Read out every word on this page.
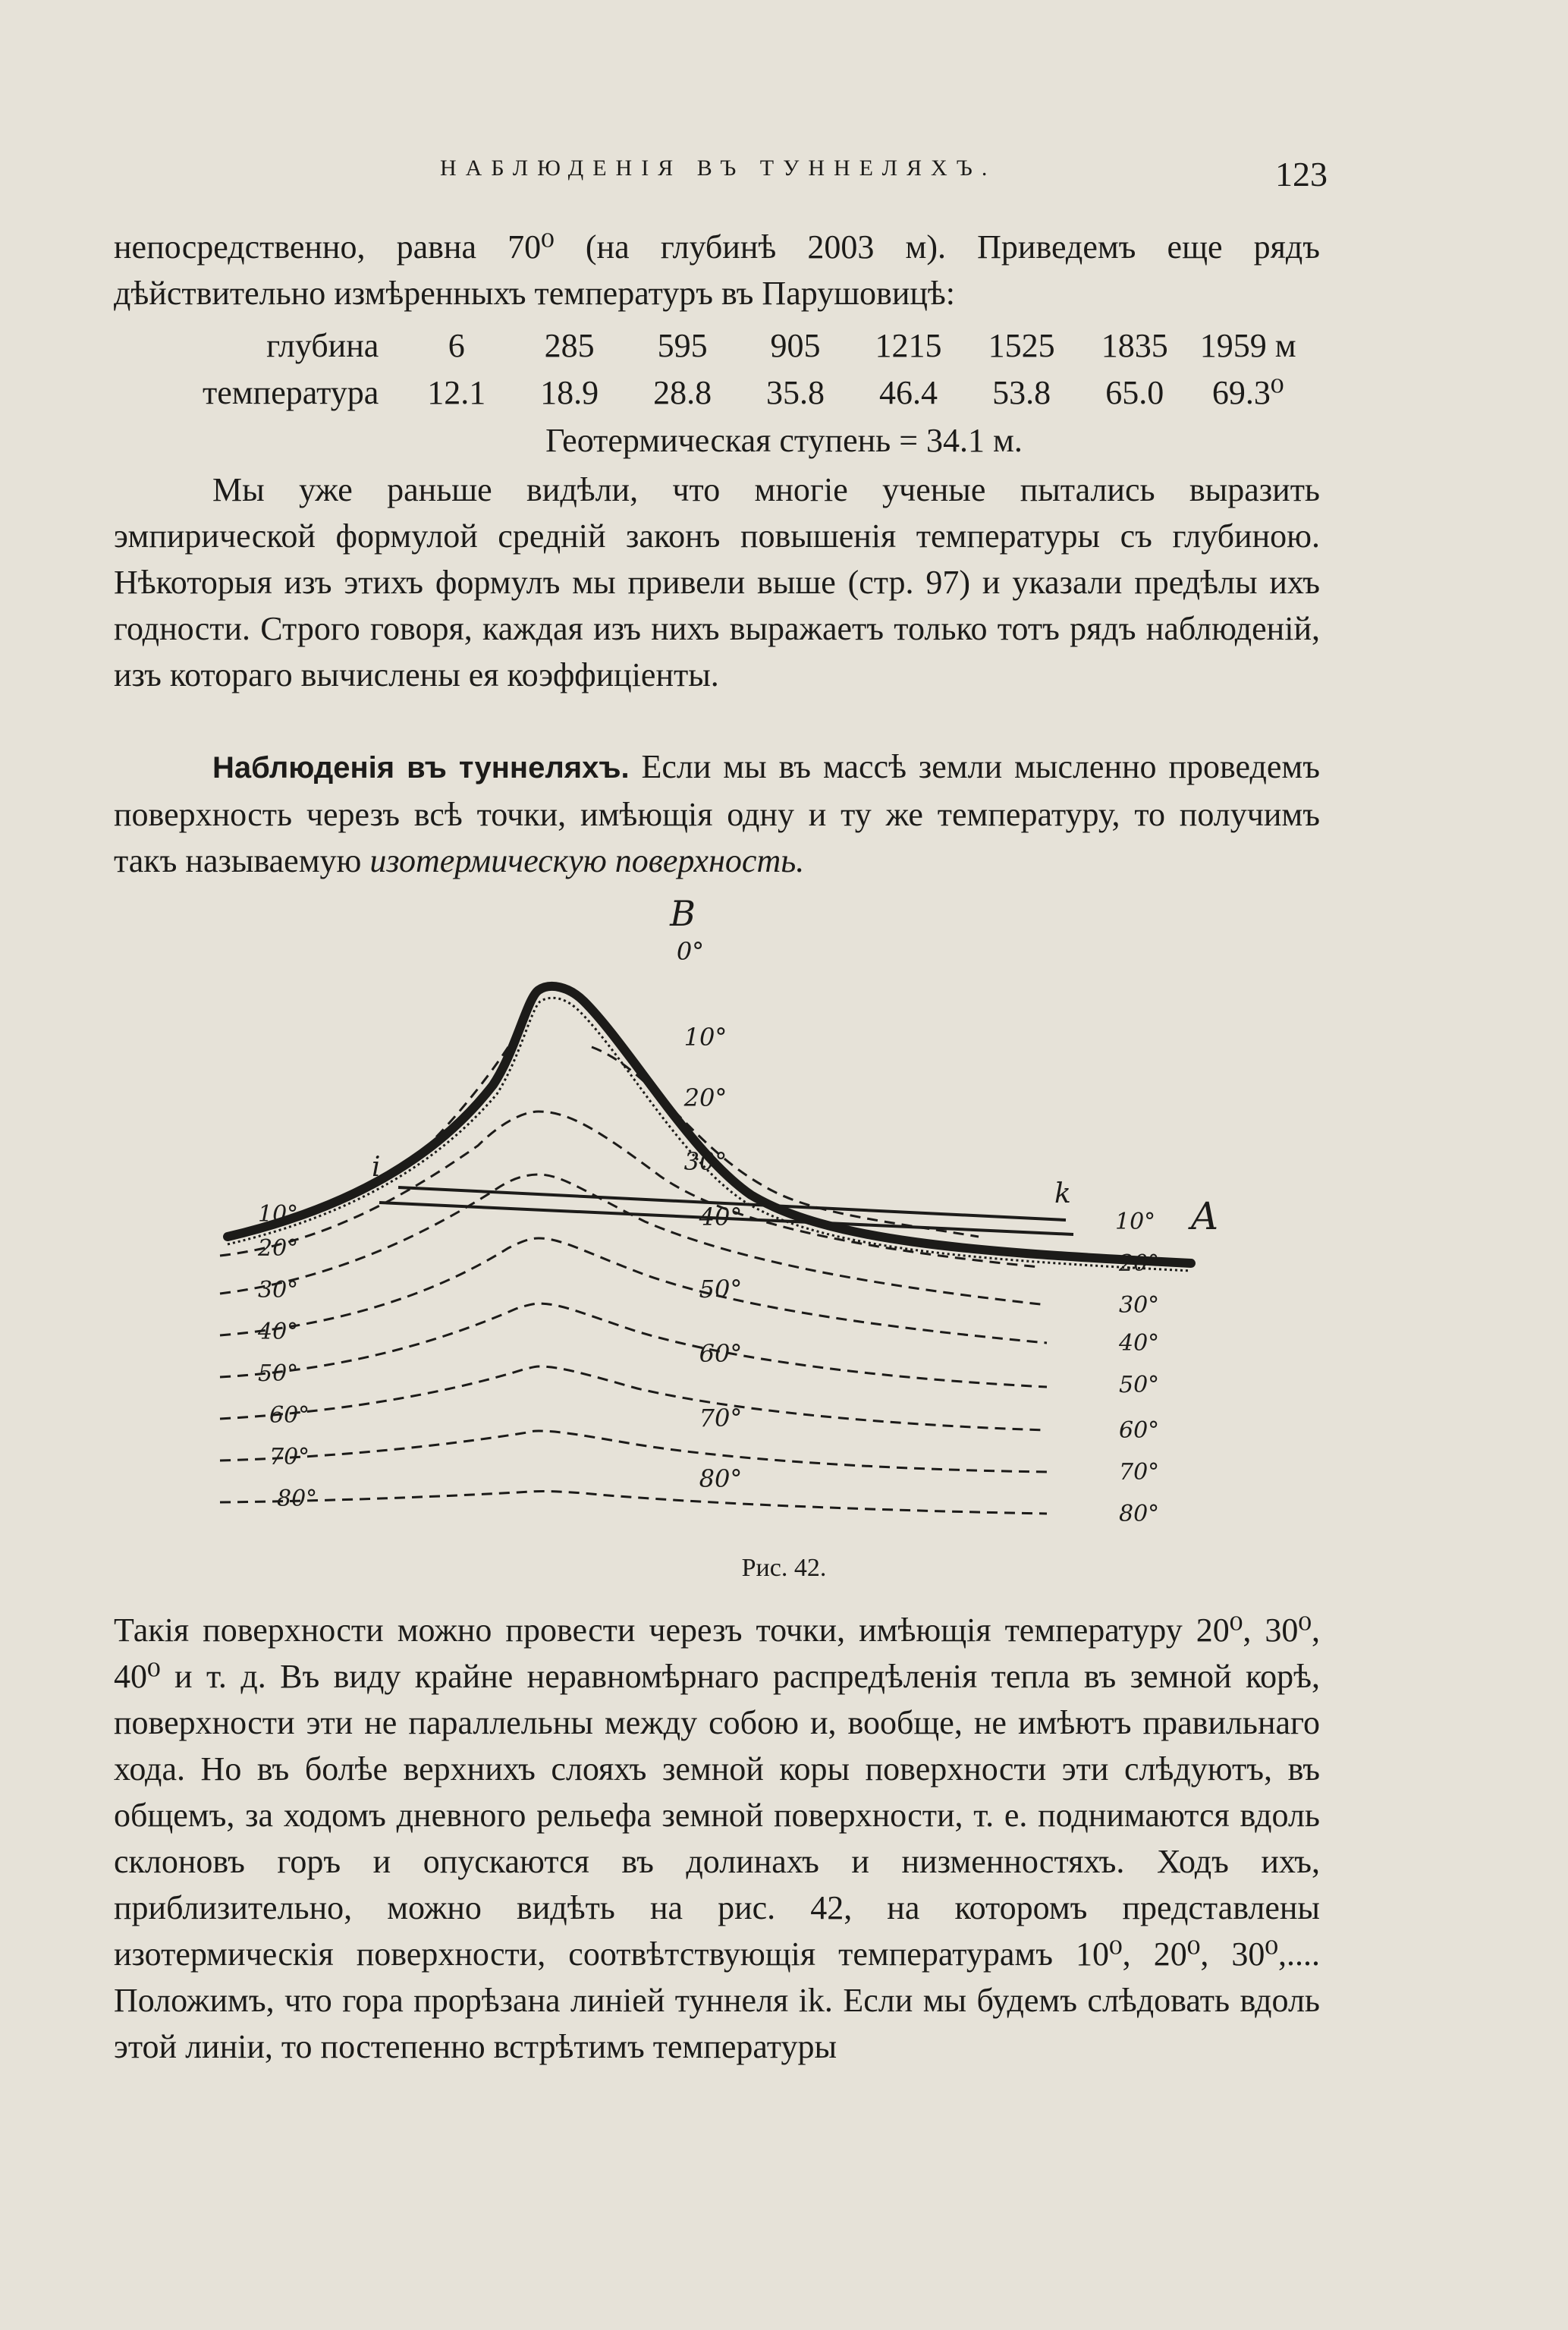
НАБЛЮДЕНІЯ ВЪ ТУННЕЛЯХЪ.	123

непосредственно, равна 70⁰ (на глубинѣ 2003 м). Приведемъ еще рядъ дѣйствительно измѣренныхъ температуръ въ Парушовицѣ:

глубина	6	285	595	905	1215	1525	1835	1959 м
температура	12.1	18.9	28.8	35.8	46.4	53.8	65.0	69.3⁰
Геотермическая ступень = 34.1 м.

Мы уже раньше видѣли, что многіе ученые пытались выразить эмпирической формулой средній законъ повышенія температуры съ глубиною. Нѣкоторыя изъ этихъ формулъ мы привели выше (стр. 97) и указали предѣлы ихъ годности. Строго говоря, каждая изъ нихъ выражаетъ только тотъ рядъ наблюденій, изъ котораго вычислены ея коэффиціенты.

Наблюденія въ туннеляхъ. Если мы въ массѣ земли мысленно проведемъ поверхность черезъ всѣ точки, имѣющія одну и ту же температуру, то получимъ такъ называемую изотермическую поверхность.

B
i
k
A
0°
10°
20°
30°
40°
50°
60°
70°
80°
10°
20°
30°
40°
50°
60°
70°
80°
10°
20°
30°
40°
50°
60°
70°
80°
Рис. 42.

Такія поверхности можно провести черезъ точки, имѣющія температуру 20⁰, 30⁰, 40⁰ и т. д. Въ виду крайне неравномѣрнаго распредѣленія тепла въ земной корѣ, поверхности эти не параллельны между собою и, вообще, не имѣютъ правильнаго хода. Но въ болѣе верхнихъ слояхъ земной коры поверхности эти слѣдуютъ, въ общемъ, за ходомъ дневного рельефа земной поверхности, т. е. поднимаются вдоль склоновъ горъ и опускаются въ долинахъ и низменностяхъ. Ходъ ихъ, приблизительно, можно видѣть на рис. 42, на которомъ представлены изотермическія поверхности, соотвѣтствующія температурамъ 10⁰, 20⁰, 30⁰,.... Положимъ, что гора прорѣзана линіей туннеля ik. Если мы будемъ слѣдовать вдоль этой линіи, то постепенно встрѣтимъ температуры
